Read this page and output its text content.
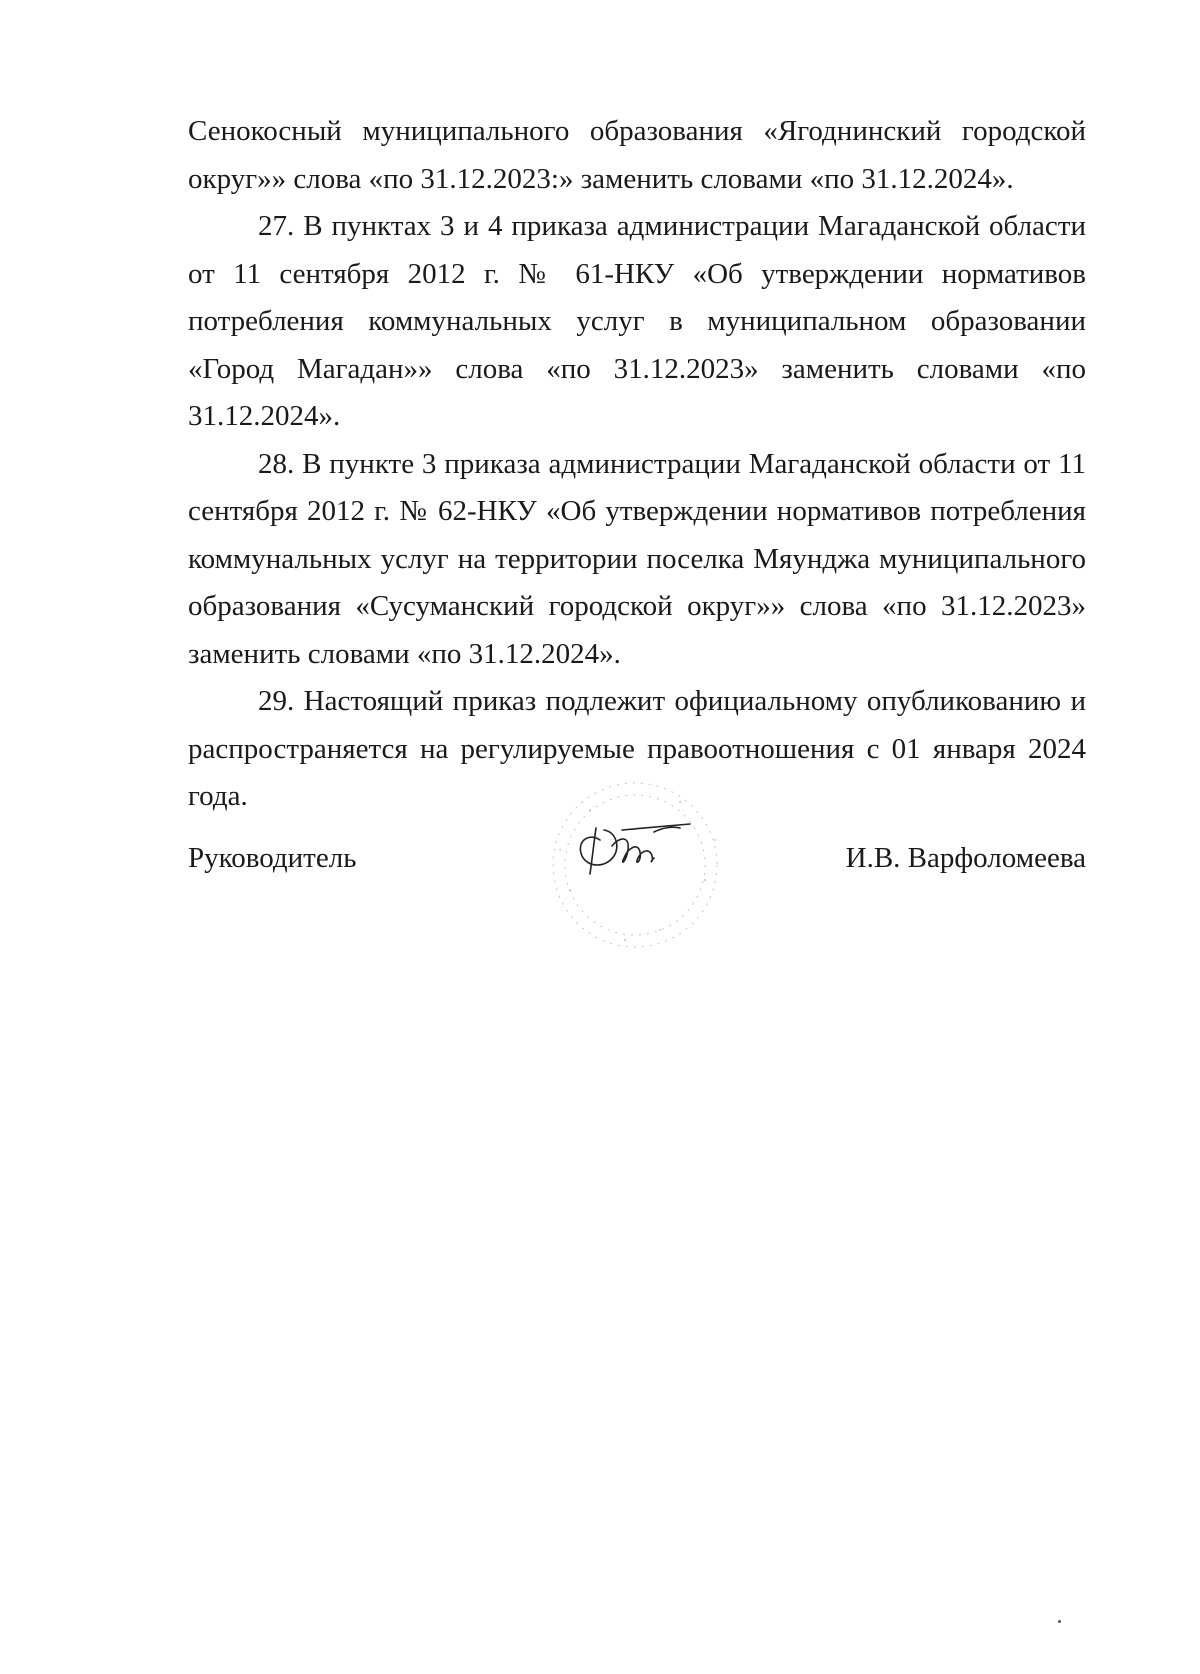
Сенокосный муниципального образования «Ягоднинский городской округ»» слова «по 31.12.2023:» заменить словами «по 31.12.2024».

27. В пунктах 3 и 4 приказа администрации Магаданской области от 11 сентября 2012 г. № 61-НКУ «Об утверждении нормативов потребления коммунальных услуг в муниципальном образовании «Город Магадан»» слова «по 31.12.2023» заменить словами «по 31.12.2024».

28. В пункте 3 приказа администрации Магаданской области от 11 сентября 2012 г. № 62-НКУ «Об утверждении нормативов потребления коммунальных услуг на территории поселка Мяунджа муниципального образования «Сусуманский городской округ»» слова «по 31.12.2023» заменить словами «по 31.12.2024».

29. Настоящий приказ подлежит официальному опубликованию и распространяется на регулируемые правоотношения с 01 января 2024 года.

Руководитель	И.В. Варфоломеева
